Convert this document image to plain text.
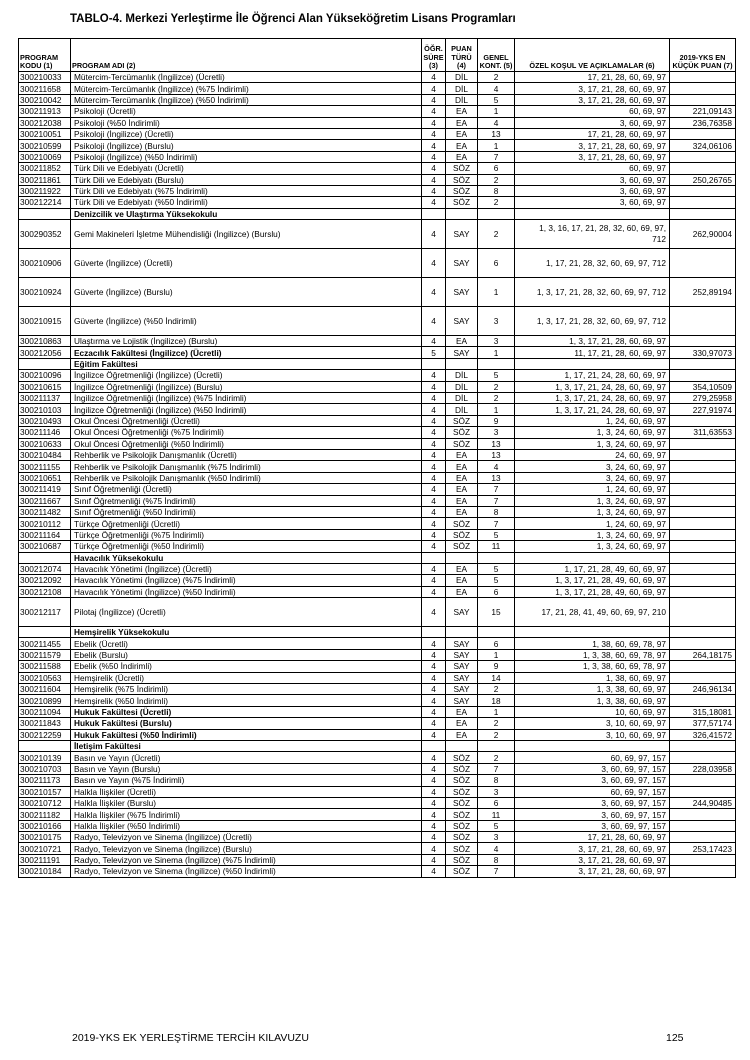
TABLO-4. Merkezi Yerleştirme İle Öğrenci Alan Yükseköğretim Lisans Programları
PROGRAM KODU (1)	PROGRAM ADI (2)	ÖĞR. SÜRE (3)	PUAN TÜRÜ (4)	GENEL KONT. (5)	ÖZEL KOŞUL VE AÇIKLAMALAR (6)	2019-YKS EN KÜÇÜK PUAN (7)
300210033	Mütercim-Tercümanlık (İngilizce) (Ücretli)	4	DİL	2	17, 21, 28, 60, 69, 97	
300211658	Mütercim-Tercümanlık (İngilizce) (%75 İndirimli)	4	DİL	4	3, 17, 21, 28, 60, 69, 97	
300210042	Mütercim-Tercümanlık (İngilizce) (%50 İndirimli)	4	DİL	5	3, 17, 21, 28, 60, 69, 97	
300211913	Psikoloji (Ücretli)	4	EA	1	60, 69, 97	221,09143
300212038	Psikoloji (%50 İndirimli)	4	EA	4	3, 60, 69, 97	236,76358
300210051	Psikoloji (İngilizce) (Ücretli)	4	EA	13	17, 21, 28, 60, 69, 97	
300210599	Psikoloji (İngilizce) (Burslu)	4	EA	1	3, 17, 21, 28, 60, 69, 97	324,06106
300210069	Psikoloji (İngilizce) (%50 İndirimli)	4	EA	7	3, 17, 21, 28, 60, 69, 97	
300211852	Türk Dili ve Edebiyatı (Ücretli)	4	SÖZ	6	60, 69, 97	
300211861	Türk Dili ve Edebiyatı (Burslu)	4	SÖZ	2	3, 60, 69, 97	250,26765
300211922	Türk Dili ve Edebiyatı (%75 İndirimli)	4	SÖZ	8	3, 60, 69, 97	
300212214	Türk Dili ve Edebiyatı (%50 İndirimli)	4	SÖZ	2	3, 60, 69, 97	
	Denizcilik ve Ulaştırma Yüksekokulu					
300290352	Gemi Makineleri İşletme Mühendisliği (İngilizce) (Burslu)	4	SAY	2	1, 3, 16, 17, 21, 28, 32, 60, 69, 97,
712	262,90004
300210906	Güverte (İngilizce) (Ücretli)	4	SAY	6	1, 17, 21, 28, 32, 60, 69, 97, 712	
300210924	Güverte (İngilizce) (Burslu)	4	SAY	1	1, 3, 17, 21, 28, 32, 60, 69, 97, 712	252,89194
300210915	Güverte (İngilizce) (%50 İndirimli)	4	SAY	3	1, 3, 17, 21, 28, 32, 60, 69, 97, 712	
300210863	Ulaştırma ve Lojistik (İngilizce) (Burslu)	4	EA	3	1, 3, 17, 21, 28, 60, 69, 97	
300212056	Eczacılık Fakültesi (İngilizce) (Ücretli)	5	SAY	1	11, 17, 21, 28, 60, 69, 97	330,97073
	Eğitim Fakültesi					
300210096	İngilizce Öğretmenliği (İngilizce) (Ücretli)	4	DİL	5	1, 17, 21, 24, 28, 60, 69, 97	
300210615	İngilizce Öğretmenliği (İngilizce) (Burslu)	4	DİL	2	1, 3, 17, 21, 24, 28, 60, 69, 97	354,10509
300211137	İngilizce Öğretmenliği (İngilizce) (%75 İndirimli)	4	DİL	2	1, 3, 17, 21, 24, 28, 60, 69, 97	279,25958
300210103	İngilizce Öğretmenliği (İngilizce) (%50 İndirimli)	4	DİL	1	1, 3, 17, 21, 24, 28, 60, 69, 97	227,91974
300210493	Okul Öncesi Öğretmenliği (Ücretli)	4	SÖZ	9	1, 24, 60, 69, 97	
300211146	Okul Öncesi Öğretmenliği (%75 İndirimli)	4	SÖZ	3	1, 3, 24, 60, 69, 97	311,63553
300210633	Okul Öncesi Öğretmenliği (%50 İndirimli)	4	SÖZ	13	1, 3, 24, 60, 69, 97	
300210484	Rehberlik ve Psikolojik Danışmanlık (Ücretli)	4	EA	13	24, 60, 69, 97	
300211155	Rehberlik ve Psikolojik Danışmanlık (%75 İndirimli)	4	EA	4	3, 24, 60, 69, 97	
300210651	Rehberlik ve Psikolojik Danışmanlık (%50 İndirimli)	4	EA	13	3, 24, 60, 69, 97	
300211419	Sınıf Öğretmenliği (Ücretli)	4	EA	7	1, 24, 60, 69, 97	
300211667	Sınıf Öğretmenliği (%75 İndirimli)	4	EA	7	1, 3, 24, 60, 69, 97	
300211482	Sınıf Öğretmenliği (%50 İndirimli)	4	EA	8	1, 3, 24, 60, 69, 97	
300210112	Türkçe Öğretmenliği (Ücretli)	4	SÖZ	7	1, 24, 60, 69, 97	
300211164	Türkçe Öğretmenliği (%75 İndirimli)	4	SÖZ	5	1, 3, 24, 60, 69, 97	
300210687	Türkçe Öğretmenliği (%50 İndirimli)	4	SÖZ	11	1, 3, 24, 60, 69, 97	
	Havacılık Yüksekokulu					
300212074	Havacılık Yönetimi (İngilizce) (Ücretli)	4	EA	5	1, 17, 21, 28, 49, 60, 69, 97	
300212092	Havacılık Yönetimi (İngilizce) (%75 İndirimli)	4	EA	5	1, 3, 17, 21, 28, 49, 60, 69, 97	
300212108	Havacılık Yönetimi (İngilizce) (%50 İndirimli)	4	EA	6	1, 3, 17, 21, 28, 49, 60, 69, 97	
300212117	Pilotaj (İngilizce) (Ücretli)	4	SAY	15	17, 21, 28, 41, 49, 60, 69, 97, 210	
	Hemşirelik Yüksekokulu					
300211455	Ebelik (Ücretli)	4	SAY	6	1, 38, 60, 69, 78, 97	
300211579	Ebelik (Burslu)	4	SAY	1	1, 3, 38, 60, 69, 78, 97	264,18175
300211588	Ebelik (%50 İndirimli)	4	SAY	9	1, 3, 38, 60, 69, 78, 97	
300210563	Hemşirelik (Ücretli)	4	SAY	14	1, 38, 60, 69, 97	
300211604	Hemşirelik (%75 İndirimli)	4	SAY	2	1, 3, 38, 60, 69, 97	246,96134
300210899	Hemşirelik (%50 İndirimli)	4	SAY	18	1, 3, 38, 60, 69, 97	
300211094	Hukuk Fakültesi (Ücretli)	4	EA	1	10, 60, 69, 97	315,18081
300211843	Hukuk Fakültesi (Burslu)	4	EA	2	3, 10, 60, 69, 97	377,57174
300212259	Hukuk Fakültesi (%50 İndirimli)	4	EA	2	3, 10, 60, 69, 97	326,41572
	İletişim Fakültesi					
300210139	Basın ve Yayın (Ücretli)	4	SÖZ	2	60, 69, 97, 157	
300210703	Basın ve Yayın (Burslu)	4	SÖZ	7	3, 60, 69, 97, 157	228,03958
300211173	Basın ve Yayın (%75 İndirimli)	4	SÖZ	8	3, 60, 69, 97, 157	
300210157	Halkla İlişkiler (Ücretli)	4	SÖZ	3	60, 69, 97, 157	
300210712	Halkla İlişkiler (Burslu)	4	SÖZ	6	3, 60, 69, 97, 157	244,90485
300211182	Halkla İlişkiler (%75 İndirimli)	4	SÖZ	11	3, 60, 69, 97, 157	
300210166	Halkla İlişkiler (%50 İndirimli)	4	SÖZ	5	3, 60, 69, 97, 157	
300210175	Radyo, Televizyon ve Sinema (İngilizce) (Ücretli)	4	SÖZ	3	17, 21, 28, 60, 69, 97	
300210721	Radyo, Televizyon ve Sinema (İngilizce) (Burslu)	4	SÖZ	4	3, 17, 21, 28, 60, 69, 97	253,17423
300211191	Radyo, Televizyon ve Sinema (İngilizce) (%75 İndirimli)	4	SÖZ	8	3, 17, 21, 28, 60, 69, 97	
300210184	Radyo, Televizyon ve Sinema (İngilizce) (%50 İndirimli)	4	SÖZ	7	3, 17, 21, 28, 60, 69, 97	
2019-YKS EK YERLEŞTİRME TERCİH KILAVUZU	125
